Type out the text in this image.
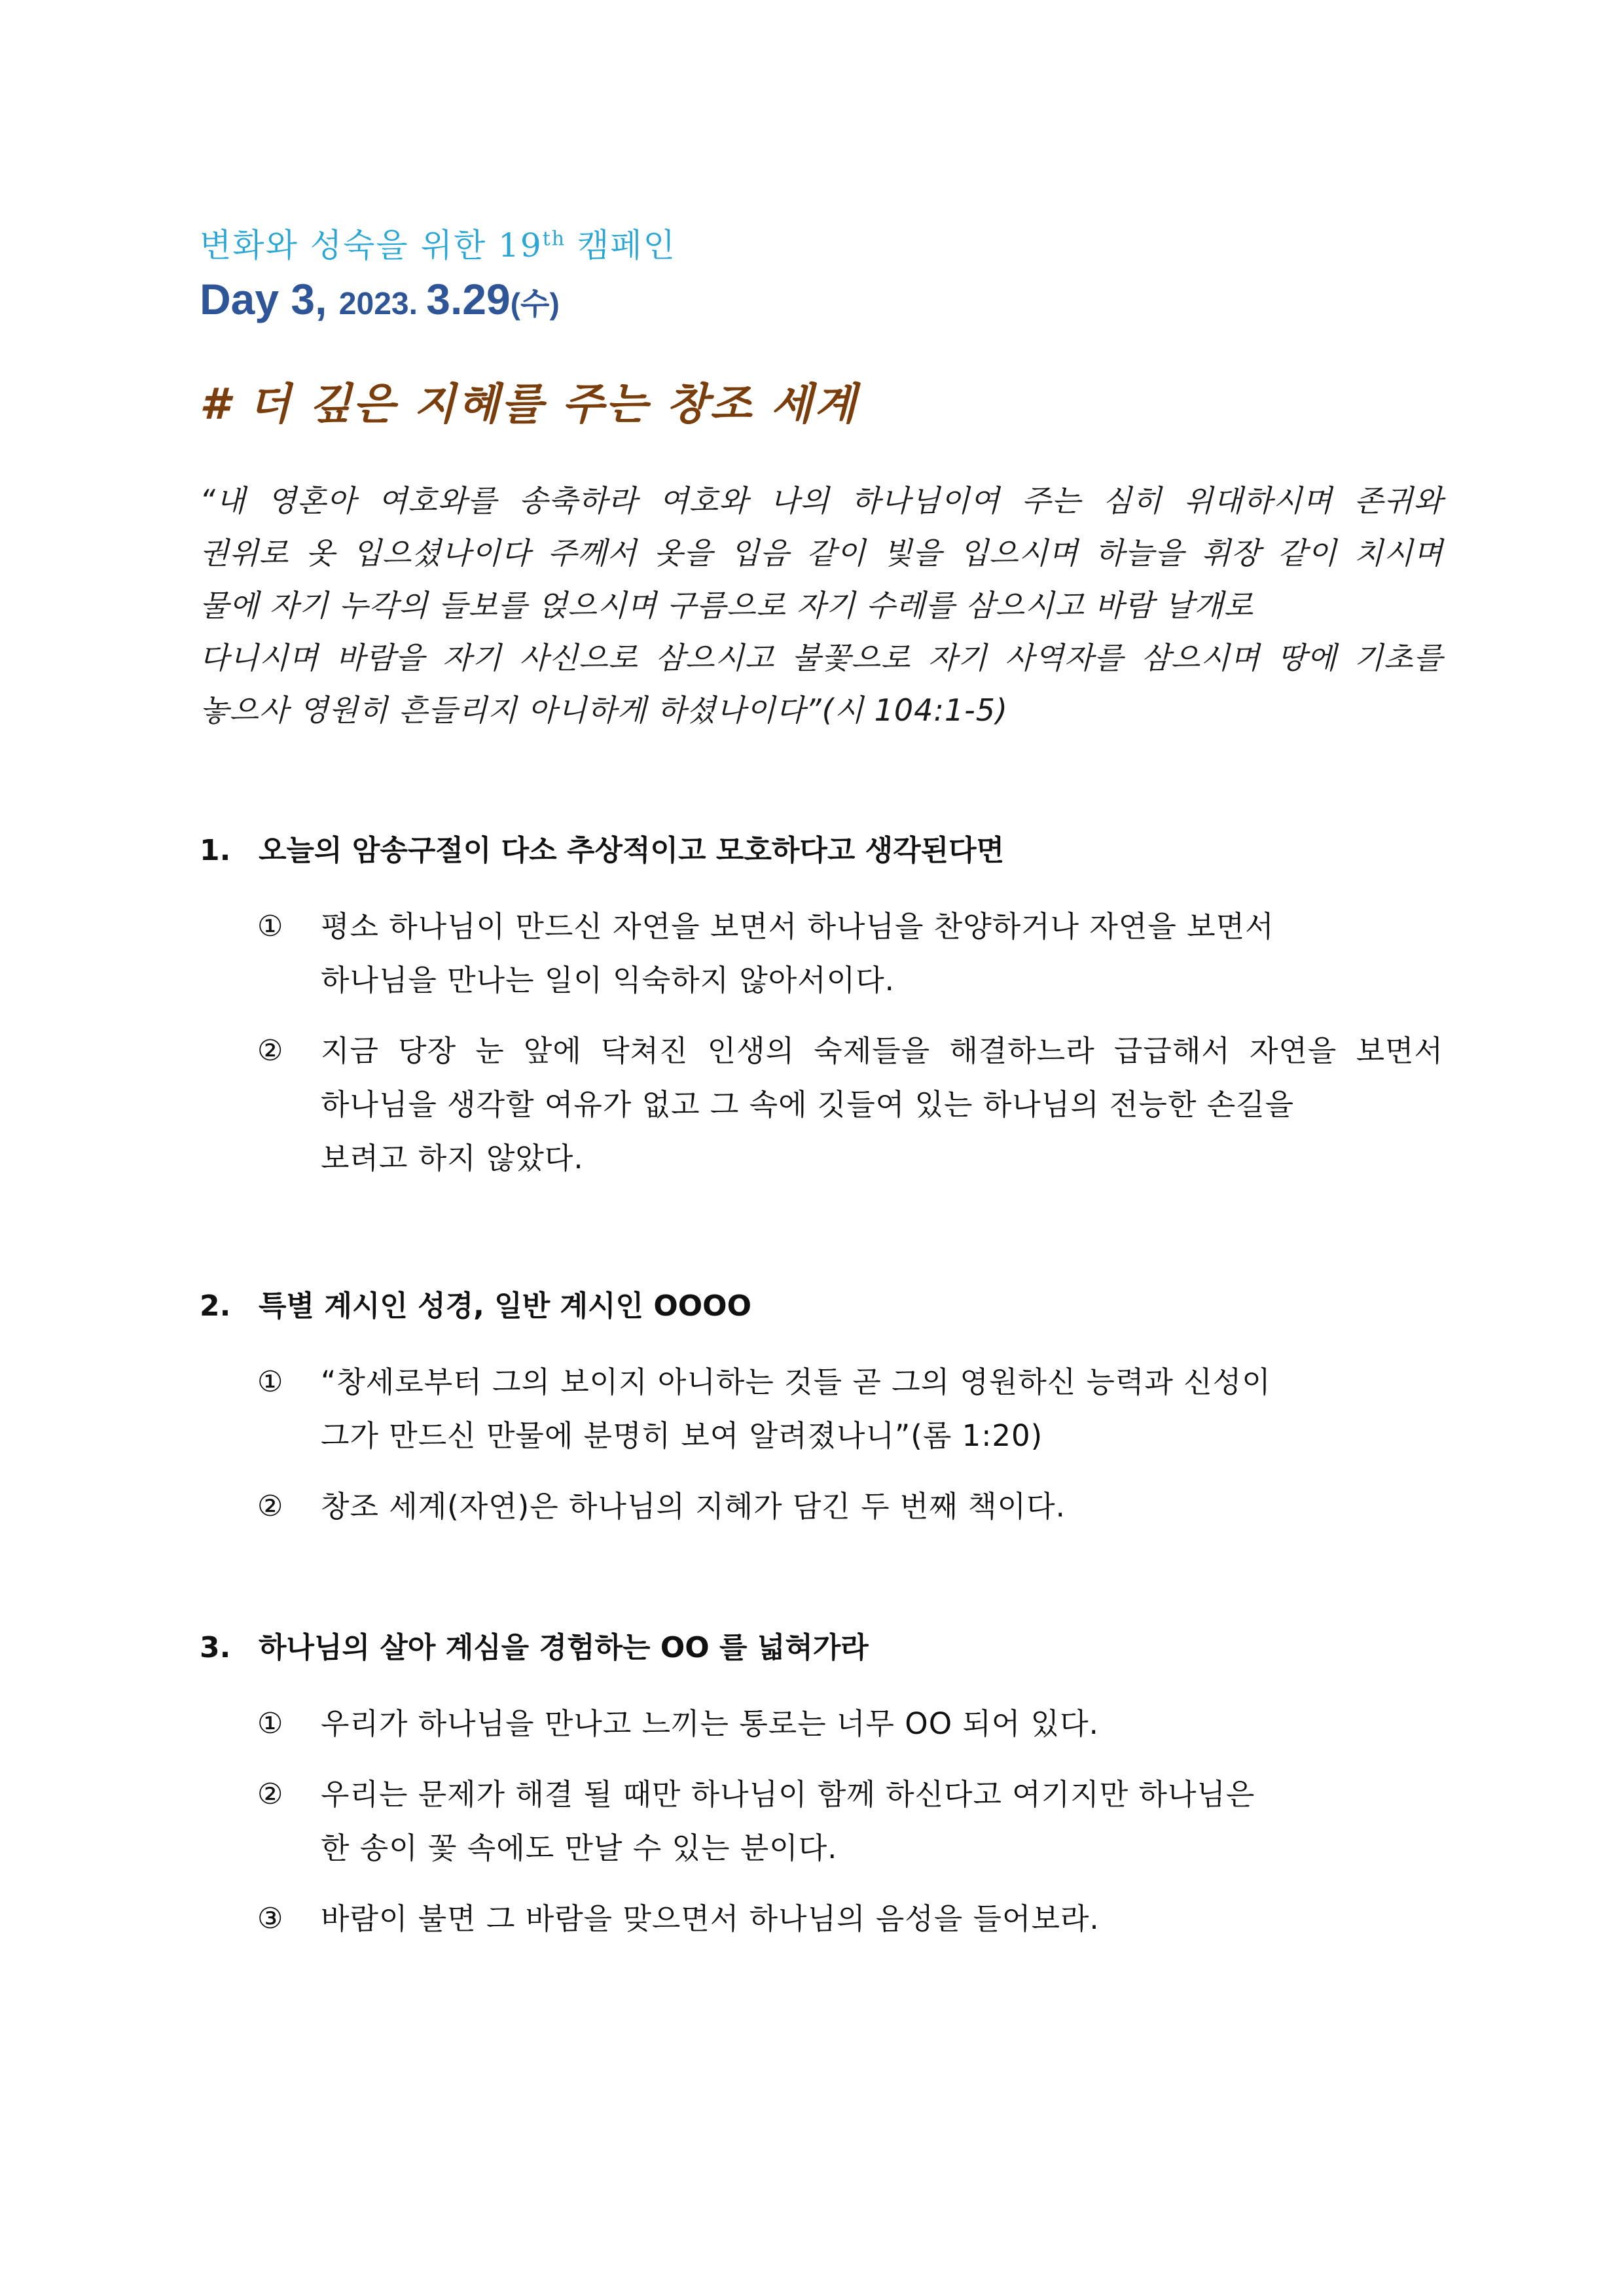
변화와 성숙을 위한 19th 캠페인
Day 3, 2023. 3.29(수)
# 더 깊은 지혜를 주는 창조 세계
“내 영혼아 여호와를 송축하라 여호와 나의 하나님이여 주는 심히 위대하시며 존귀와
권위로 옷 입으셨나이다 주께서 옷을 입음 같이 빛을 입으시며 하늘을 휘장 같이 치시며
물에 자기 누각의 들보를 얹으시며 구름으로 자기 수레를 삼으시고 바람 날개로
다니시며 바람을 자기 사신으로 삼으시고 불꽃으로 자기 사역자를 삼으시며 땅에 기초를
놓으사 영원히 흔들리지 아니하게 하셨나이다”(시 104:1-5)
1. 오늘의 암송구절이 다소 추상적이고 모호하다고 생각된다면
① 평소 하나님이 만드신 자연을 보면서 하나님을 찬양하거나 자연을 보면서
하나님을 만나는 일이 익숙하지 않아서이다.
② 지금 당장 눈 앞에 닥쳐진 인생의 숙제들을 해결하느라 급급해서 자연을 보면서
하나님을 생각할 여유가 없고 그 속에 깃들여 있는 하나님의 전능한 손길을
보려고 하지 않았다.
2. 특별 계시인 성경, 일반 계시인 OOOO
① “창세로부터 그의 보이지 아니하는 것들 곧 그의 영원하신 능력과 신성이
그가 만드신 만물에 분명히 보여 알려졌나니”(롬 1:20)
② 창조 세계(자연)은 하나님의 지혜가 담긴 두 번째 책이다.
3. 하나님의 살아 계심을 경험하는 OO 를 넓혀가라
① 우리가 하나님을 만나고 느끼는 통로는 너무 OO 되어 있다.
② 우리는 문제가 해결 될 때만 하나님이 함께 하신다고 여기지만 하나님은
한 송이 꽃 속에도 만날 수 있는 분이다.
③ 바람이 불면 그 바람을 맞으면서 하나님의 음성을 들어보라.
